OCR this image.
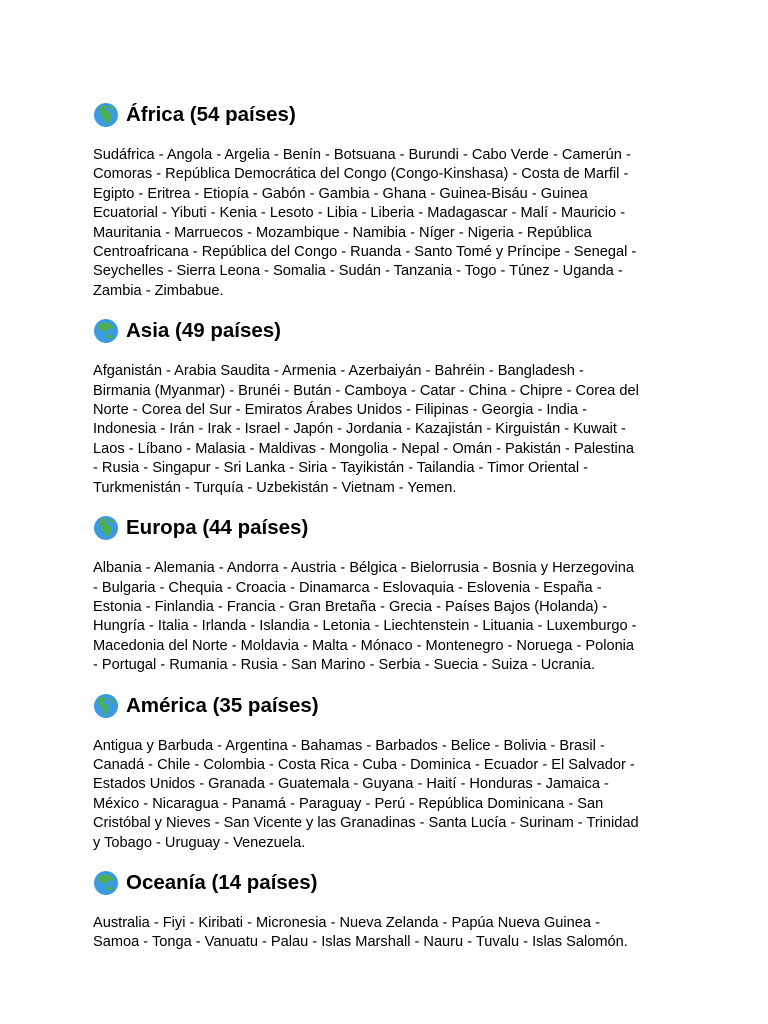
África (54 países)
Sudáfrica - Angola - Argelia - Benín - Botsuana - Burundi - Cabo Verde - Camerún -
Comoras - República Democrática del Congo (Congo-Kinshasa) - Costa de Marfil -
Egipto - Eritrea - Etiopía - Gabón - Gambia - Ghana - Guinea-Bisáu - Guinea
Ecuatorial - Yibuti - Kenia - Lesoto - Libia - Liberia - Madagascar - Malí - Mauricio -
Mauritania - Marruecos - Mozambique - Namibia - Níger - Nigeria - República
Centroafricana - República del Congo - Ruanda - Santo Tomé y Príncipe - Senegal -
Seychelles - Sierra Leona - Somalia - Sudán - Tanzania - Togo - Túnez - Uganda -
Zambia - Zimbabue.
Asia (49 países)
Afganistán - Arabia Saudita - Armenia - Azerbaiyán - Bahréin - Bangladesh -
Birmania (Myanmar) - Brunéi - Bután - Camboya - Catar - China - Chipre - Corea del
Norte - Corea del Sur - Emiratos Árabes Unidos - Filipinas - Georgia - India -
Indonesia - Irán - Irak - Israel - Japón - Jordania - Kazajistán - Kirguistán - Kuwait -
Laos - Líbano - Malasia - Maldivas - Mongolia - Nepal - Omán - Pakistán - Palestina
- Rusia - Singapur - Sri Lanka - Siria - Tayikistán - Tailandia - Timor Oriental -
Turkmenistán - Turquía - Uzbekistán - Vietnam - Yemen.
Europa (44 países)
Albania - Alemania - Andorra - Austria - Bélgica - Bielorrusia - Bosnia y Herzegovina
- Bulgaria - Chequia - Croacia - Dinamarca - Eslovaquia - Eslovenia - España -
Estonia - Finlandia - Francia - Gran Bretaña - Grecia - Países Bajos (Holanda) -
Hungría - Italia - Irlanda - Islandia - Letonia - Liechtenstein - Lituania - Luxemburgo -
Macedonia del Norte - Moldavia - Malta - Mónaco - Montenegro - Noruega - Polonia
- Portugal - Rumania - Rusia - San Marino - Serbia - Suecia - Suiza - Ucrania.
América (35 países)
Antigua y Barbuda - Argentina - Bahamas - Barbados - Belice - Bolivia - Brasil -
Canadá - Chile - Colombia - Costa Rica - Cuba - Dominica - Ecuador - El Salvador -
Estados Unidos - Granada - Guatemala - Guyana - Haití - Honduras - Jamaica -
México - Nicaragua - Panamá - Paraguay - Perú - República Dominicana - San
Cristóbal y Nieves - San Vicente y las Granadinas - Santa Lucía - Surinam - Trinidad
y Tobago - Uruguay - Venezuela.
Oceanía (14 países)
Australia - Fiyi - Kiribati - Micronesia - Nueva Zelanda - Papúa Nueva Guinea -
Samoa - Tonga - Vanuatu - Palau - Islas Marshall - Nauru - Tuvalu - Islas Salomón.
